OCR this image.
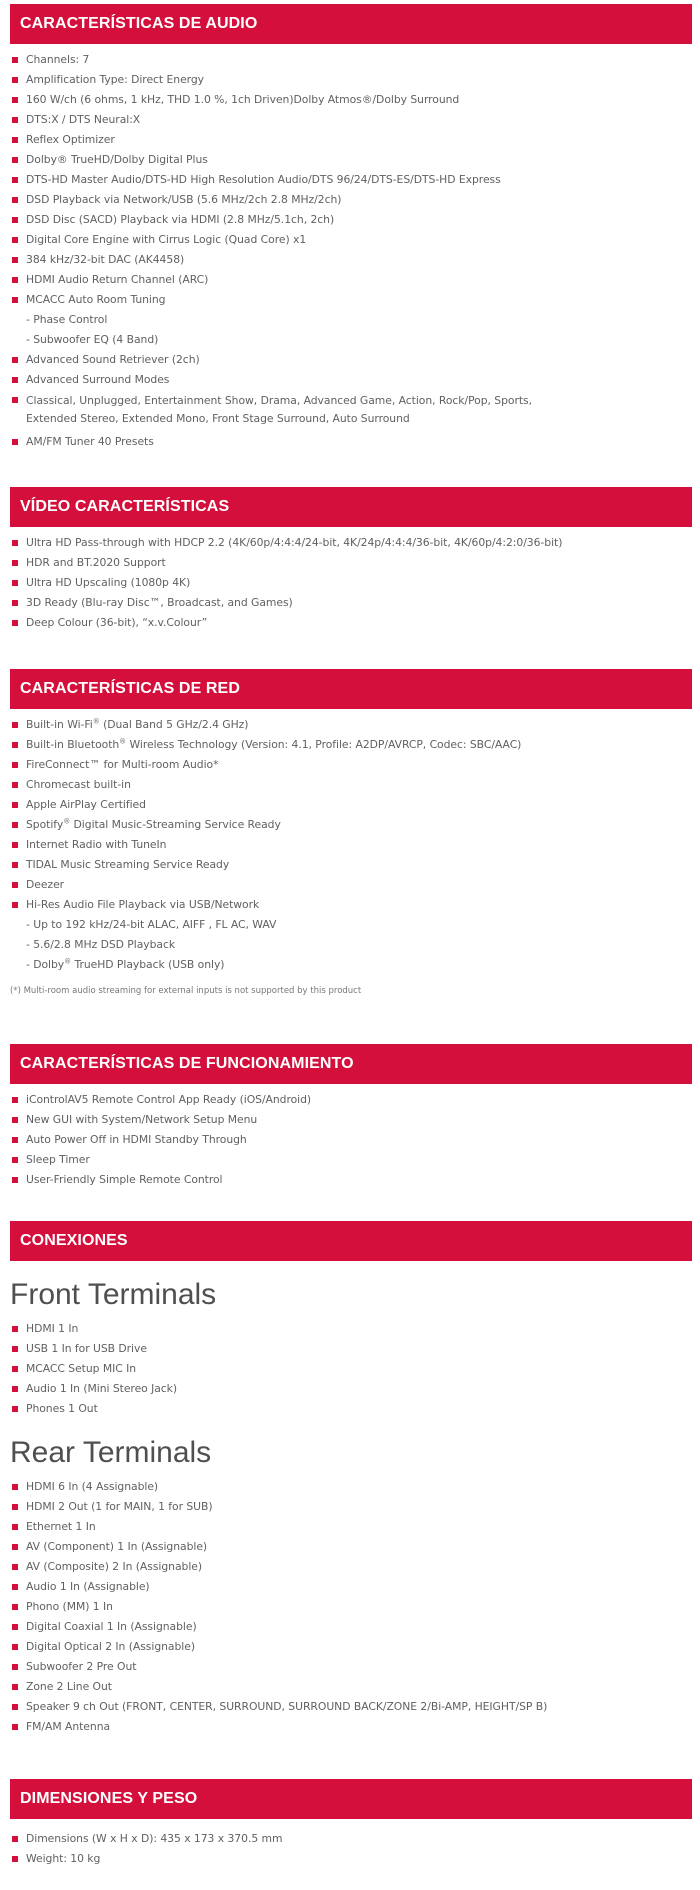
CARACTERÍSTICAS DE AUDIO
Channels: 7
Amplification Type: Direct Energy
160 W/ch (6 ohms, 1 kHz, THD 1.0 %, 1ch Driven)Dolby Atmos®/Dolby Surround
DTS:X / DTS Neural:X
Reflex Optimizer
Dolby® TrueHD/Dolby Digital Plus
DTS-HD Master Audio/DTS-HD High Resolution Audio/DTS 96/24/DTS-ES/DTS-HD Express
DSD Playback via Network/USB (5.6 MHz/2ch 2.8 MHz/2ch)
DSD Disc (SACD) Playback via HDMI (2.8 MHz/5.1ch, 2ch)
Digital Core Engine with Cirrus Logic (Quad Core) x1
384 kHz/32-bit DAC (AK4458)
HDMI Audio Return Channel (ARC)
MCACC Auto Room Tuning
- Phase Control
- Subwoofer EQ (4 Band)
Advanced Sound Retriever (2ch)
Advanced Surround Modes
Classical, Unplugged, Entertainment Show, Drama, Advanced Game, Action, Rock/Pop, Sports,
Extended Stereo, Extended Mono, Front Stage Surround, Auto Surround
AM/FM Tuner 40 Presets
VÍDEO CARACTERÍSTICAS
Ultra HD Pass-through with HDCP 2.2 (4K/60p/4:4:4/24-bit, 4K/24p/4:4:4/36-bit, 4K/60p/4:2:0/36-bit)
HDR and BT.2020 Support
Ultra HD Upscaling (1080p 4K)
3D Ready (Blu-ray Disc™, Broadcast, and Games)
Deep Colour (36-bit), “x.v.Colour”
CARACTERÍSTICAS DE RED
Built-in Wi-Fi® (Dual Band 5 GHz/2.4 GHz)
Built-in Bluetooth® Wireless Technology (Version: 4.1, Profile: A2DP/AVRCP, Codec: SBC/AAC)
FireConnect™ for Multi-room Audio*
Chromecast built-in
Apple AirPlay Certified
Spotify® Digital Music-Streaming Service Ready
Internet Radio with TuneIn
TIDAL Music Streaming Service Ready
Deezer
Hi-Res Audio File Playback via USB/Network
- Up to 192 kHz/24-bit ALAC, AIFF , FL AC, WAV
- 5.6/2.8 MHz DSD Playback
- Dolby® TrueHD Playback (USB only)
(*) Multi-room audio streaming for external inputs is not supported by this product
CARACTERÍSTICAS DE FUNCIONAMIENTO
iControlAV5 Remote Control App Ready (iOS/Android)
New GUI with System/Network Setup Menu
Auto Power Off in HDMI Standby Through
Sleep Timer
User-Friendly Simple Remote Control
CONEXIONES
Front Terminals
HDMI 1 In
USB 1 In for USB Drive
MCACC Setup MIC In
Audio 1 In (Mini Stereo Jack)
Phones 1 Out
Rear Terminals
HDMI 6 In (4 Assignable)
HDMI 2 Out (1 for MAIN, 1 for SUB)
Ethernet 1 In
AV (Component) 1 In (Assignable)
AV (Composite) 2 In (Assignable)
Audio 1 In (Assignable)
Phono (MM) 1 In
Digital Coaxial 1 In (Assignable)
Digital Optical 2 In (Assignable)
Subwoofer 2 Pre Out
Zone 2 Line Out
Speaker 9 ch Out (FRONT, CENTER, SURROUND, SURROUND BACK/ZONE 2/Bi-AMP, HEIGHT/SP B)
FM/AM Antenna
DIMENSIONES Y PESO
Dimensions (W x H x D): 435 x 173 x 370.5 mm
Weight: 10 kg
